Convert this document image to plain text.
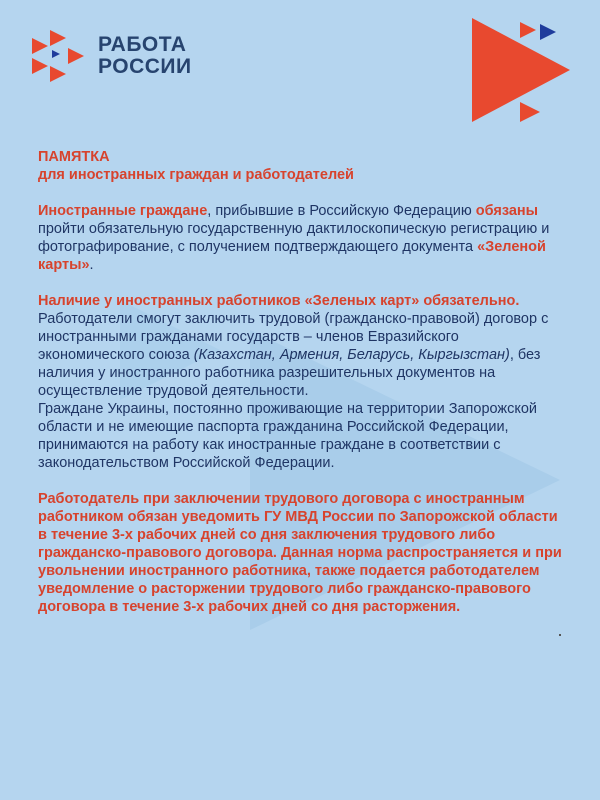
РАБОТА
РОССИИ
ПАМЯТКА
для иностранных граждан и работодателей

Иностранные граждане, прибывшие в Российскую Федерацию обязаны пройти обязательную государственную дактилоскопическую регистрацию и фотографирование, с получением подтверждающего документа «Зеленой карты».

Наличие у иностранных работников «Зеленых карт» обязательно.

Работодатели смогут заключить трудовой (гражданско-правовой) договор с иностранными гражданами государств – членов Евразийского экономического союза (Казахстан, Армения, Беларусь, Кыргызстан), без наличия у иностранного работника разрешительных документов на осуществление трудовой деятельности.

Граждане Украины, постоянно проживающие на территории Запорожской области и не имеющие паспорта гражданина Российской Федерации, принимаются на работу как иностранные граждане в соответствии с законодательством Российской Федерации.

Работодатель при заключении трудового договора с иностранным работником обязан уведомить ГУ МВД России по Запорожской области в течение 3-х рабочих дней со дня заключения трудового либо гражданско-правового договора. Данная норма распространяется и при увольнении иностранного работника, также подается работодателем уведомление о расторжении трудового либо гражданско-правового договора в течение 3-х рабочих дней со дня расторжения.
